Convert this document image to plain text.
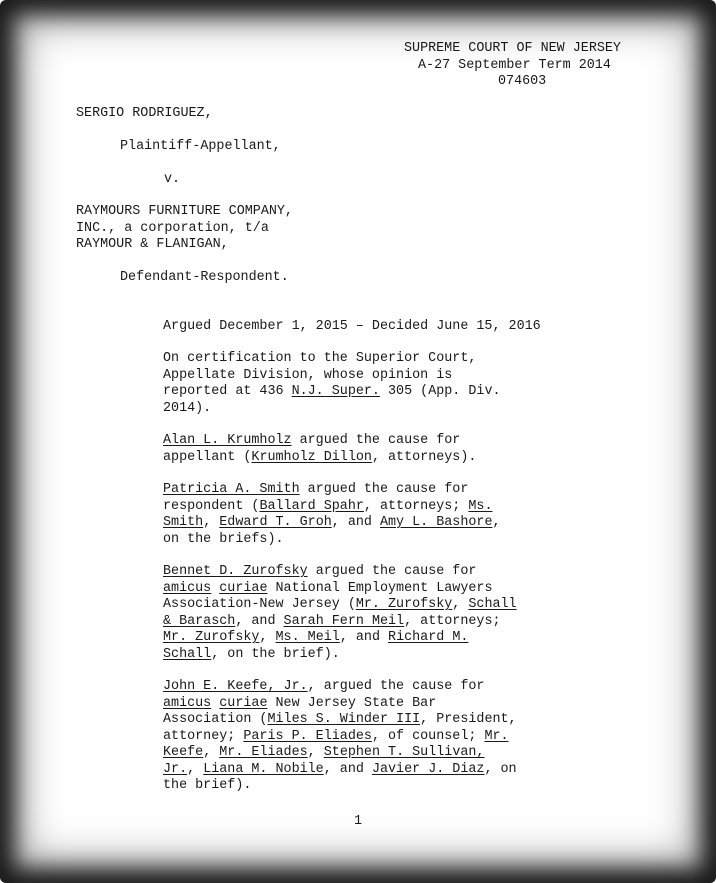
SUPREME COURT OF NEW JERSEY
A-27 September Term 2014
074603
SERGIO RODRIGUEZ,
Plaintiff-Appellant,
v.
RAYMOURS FURNITURE COMPANY,
INC., a corporation, t/a
RAYMOUR & FLANIGAN,
Defendant-Respondent.
Argued December 1, 2015 – Decided June 15, 2016
On certification to the Superior Court,
Appellate Division, whose opinion is
reported at 436 N.J. Super. 305 (App. Div.
2014).
Alan L. Krumholz argued the cause for
appellant (Krumholz Dillon, attorneys).
Patricia A. Smith argued the cause for
respondent (Ballard Spahr, attorneys; Ms.
Smith, Edward T. Groh, and Amy L. Bashore,
on the briefs).
Bennet D. Zurofsky argued the cause for
amicus curiae National Employment Lawyers
Association-New Jersey (Mr. Zurofsky, Schall
& Barasch, and Sarah Fern Meil, attorneys;
Mr. Zurofsky, Ms. Meil, and Richard M.
Schall, on the brief).
John E. Keefe, Jr., argued the cause for
amicus curiae New Jersey State Bar
Association (Miles S. Winder III, President,
attorney; Paris P. Eliades, of counsel; Mr.
Keefe, Mr. Eliades, Stephen T. Sullivan,
Jr., Liana M. Nobile, and Javier J. Diaz, on
the brief).
1
